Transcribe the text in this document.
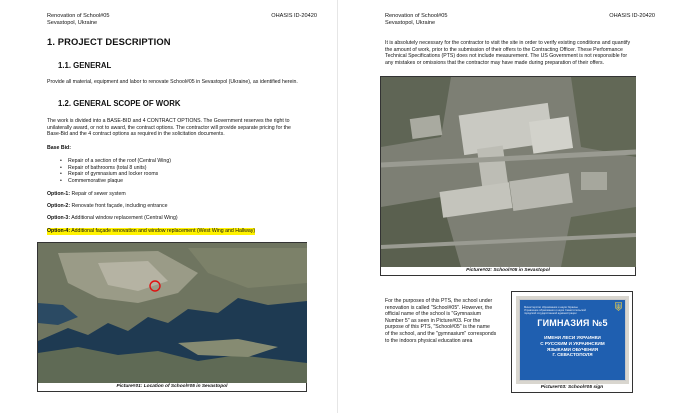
Renovation of School#05
Sevastopol, Ukraine
OHASIS ID-20420
1. PROJECT DESCRIPTION
1.1. GENERAL
Provide all material, equipment and labor to renovate School#05 in Sevastopol (Ukraine), as identified herein.
1.2. GENERAL SCOPE OF WORK
The work is divided into a BASE-BID and 4 CONTRACT OPTIONS. The Government reserves the right to
unilaterally award, or not to award, the contract options. The contractor will provide separate pricing for the
Base-Bid and the 4 contract options as required in the solicitation documents.
Base Bid:
• Repair of a section of the roof (Central Wing)
• Repair of bathrooms (total 8 units)
• Repair of gymnasium and locker rooms
• Commemorative plaque
Option-1: Repair of sewer system
Option-2: Renovate front façade, including entrance
Option-3: Additional window replacement (Central Wing)
Option-4: Additional façade renovation and window replacement (West Wing and Hallway)
Picture#01: Location of School#05 in Sevastopol
Renovation of School#05
Sevastopol, Ukraine
OHASIS ID-20420
It is absolutely necessary for the contractor to visit the site in order to verify existing conditions and quantify
the amount of work, prior to the submission of their offers to the Contracting Officer. These Performance
Technical Specifications (PTS) does not include measurement. The US Government is not responsible for
any mistakes or omissions that the contractor may have made during preparation of their offers.
Picture#02: School#05 in Sevastopol
For the purposes of this PTS, the school under
renovation is called "School#05". However, the
official name of the school is "Gymnasium
Number 5" as seen in Picture#03. For the
purpose of this PTS, "School#05" is the name
of the school, and the "gymnasium" corresponds
to the indoors physical education area
Министерство образования и науки Украины
Управление образования и науки Севастопольской
городской государственной администрации
ГИМНАЗИЯ №5
ИМЕНИ ЛЕСИ УКРАИНКИ
С РУССКИМ И УКРАИНСКИМ
ЯЗЫКАМИ ОБУЧЕНИЯ
Г. СЕВАСТОПОЛЯ
Picture#03: School#05 sign
